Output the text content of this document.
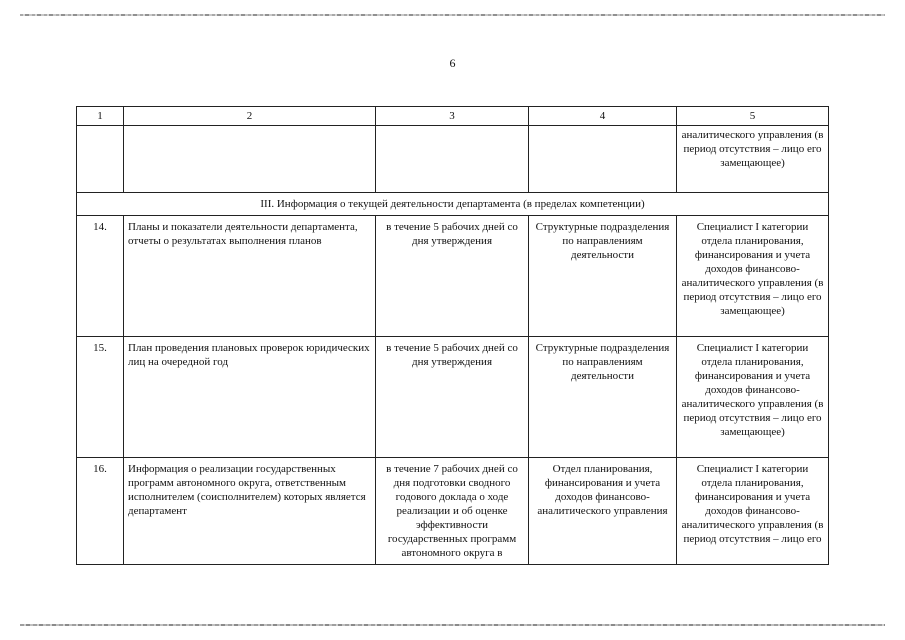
6
1	2	3	4	5
				аналитического управления (в период отсутствия – лицо его замещающее)
III. Информация о текущей деятельности департамента (в пределах компетенции)				
14.	Планы и показатели деятельности департамента, отчеты о результатах выполнения планов	в течение 5 рабочих дней со дня утверждения	Структурные подразделения по направлениям деятельности	Специалист I категории отдела планирования, финансирования и учета доходов финансово-аналитического управления (в период отсутствия – лицо его замещающее)
15.	План проведения плановых проверок юридических лиц на очередной год	в течение 5 рабочих дней со дня утверждения	Структурные подразделения по направлениям деятельности	Специалист I категории отдела планирования, финансирования и учета доходов финансово-аналитического управления (в период отсутствия – лицо его замещающее)
16.	Информация о реализации государственных программ автономного округа, ответственным исполнителем (соисполнителем) которых является департамент	в течение 7 рабочих дней со дня подготовки сводного годового доклада о ходе реализации и об оценке эффективности государственных программ автономного округа в	Отдел планирования, финансирования и учета доходов финансово-аналитического управления	Специалист I категории отдела планирования, финансирования и учета доходов финансово-аналитического управления (в период отсутствия – лицо его
